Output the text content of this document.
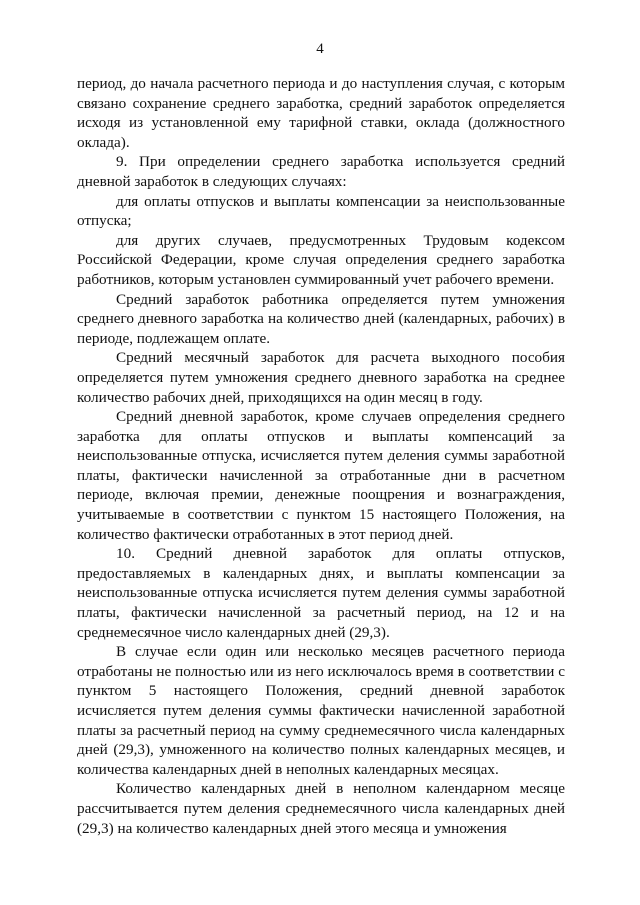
4

период, до начала расчетного периода и до наступления случая, с которым связано сохранение среднего заработка, средний заработок определяется исходя из установленной ему тарифной ставки, оклада (должностного оклада).

9. При определении среднего заработка используется средний дневной заработок в следующих случаях:

для оплаты отпусков и выплаты компенсации за неиспользованные отпуска;

для других случаев, предусмотренных Трудовым кодексом Российской Федерации, кроме случая определения среднего заработка работников, которым установлен суммированный учет рабочего времени.

Средний заработок работника определяется путем умножения среднего дневного заработка на количество дней (календарных, рабочих) в периоде, подлежащем оплате.

Средний месячный заработок для расчета выходного пособия определяется путем умножения среднего дневного заработка на среднее количество рабочих дней, приходящихся на один месяц в году.

Средний дневной заработок, кроме случаев определения среднего заработка для оплаты отпусков и выплаты компенсаций за неиспользованные отпуска, исчисляется путем деления суммы заработной платы, фактически начисленной за отработанные дни в расчетном периоде, включая премии, денежные поощрения и вознаграждения, учитываемые в соответствии с пунктом 15 настоящего Положения, на количество фактически отработанных в этот период дней.

10. Средний дневной заработок для оплаты отпусков, предоставляемых в календарных днях, и выплаты компенсации за неиспользованные отпуска исчисляется путем деления суммы заработной платы, фактически начисленной за расчетный период, на 12 и на среднемесячное число календарных дней (29,3).

В случае если один или несколько месяцев расчетного периода отработаны не полностью или из него исключалось время в соответствии с пунктом 5 настоящего Положения, средний дневной заработок исчисляется путем деления суммы фактически начисленной заработной платы за расчетный период на сумму среднемесячного числа календарных дней (29,3), умноженного на количество полных календарных месяцев, и количества календарных дней в неполных календарных месяцах.

Количество календарных дней в неполном календарном месяце рассчитывается путем деления среднемесячного числа календарных дней (29,3) на количество календарных дней этого месяца и умножения
